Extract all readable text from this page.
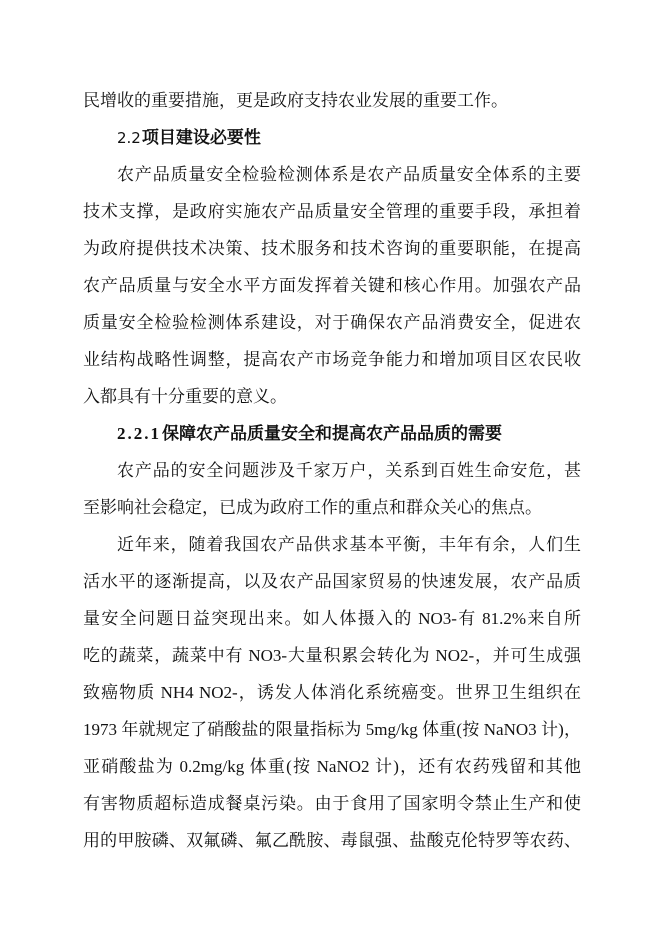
民增收的重要措施，更是政府支持农业发展的重要工作。
2.2项目建设必要性
农产品质量安全检验检测体系是农产品质量安全体系的主要
技术支撑，是政府实施农产品质量安全管理的重要手段，承担着
为政府提供技术决策、技术服务和技术咨询的重要职能，在提高
农产品质量与安全水平方面发挥着关键和核心作用。加强农产品
质量安全检验检测体系建设，对于确保农产品消费安全，促进农
业结构战略性调整，提高农产市场竞争能力和增加项目区农民收
入都具有十分重要的意义。
2.2.1保障农产品质量安全和提高农产品品质的需要
农产品的安全问题涉及千家万户，关系到百姓生命安危，甚
至影响社会稳定，已成为政府工作的重点和群众关心的焦点。
近年来，随着我国农产品供求基本平衡，丰年有余，人们生
活水平的逐渐提高，以及农产品国家贸易的快速发展，农产品质
量安全问题日益突现出来。如人体摄入的 NO3-有 81.2%来自所
吃的蔬菜，蔬菜中有 NO3-大量积累会转化为 NO2-，并可生成强
致癌物质 NH4 NO2-，诱发人体消化系统癌变。世界卫生组织在
1973 年就规定了硝酸盐的限量指标为 5mg/kg 体重(按 NaNO3 计)，
亚硝酸盐为 0.2mg/kg 体重(按 NaNO2 计)，还有农药残留和其他
有害物质超标造成餐桌污染。由于食用了国家明令禁止生产和使
用的甲胺磷、双氟磷、氟乙酰胺、毒鼠强、盐酸克伦特罗等农药、
